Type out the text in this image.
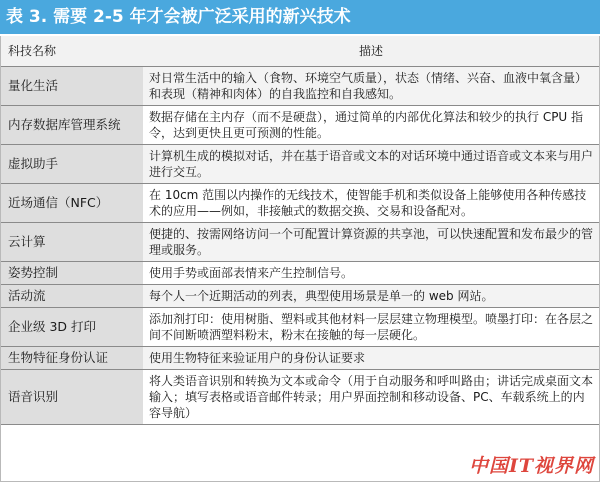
表 3. 需要 2-5 年才会被广泛采用的新兴技术
科技名称	描述
量化生活	对日常生活中的输入（食物、环境空气质量），状态（情绪、兴奋、血液中氧含量）和表现（精神和肉体）的自我监控和自我感知。
内存数据库管理系统	数据存储在主内存（而不是硬盘），通过简单的内部优化算法和较少的执行 CPU 指令，达到更快且更可预测的性能。
虚拟助手	计算机生成的模拟对话，并在基于语音或文本的对话环境中通过语音或文本来与用户进行交互。
近场通信（NFC）	在 10cm 范围以内操作的无线技术，使智能手机和类似设备上能够使用各种传感技术的应用——例如，非接触式的数据交换、交易和设备配对。
云计算	便捷的、按需网络访问一个可配置计算资源的共享池，可以快速配置和发布最少的管理或服务。
姿势控制	使用手势或面部表情来产生控制信号。
活动流	每个人一个近期活动的列表，典型使用场景是单一的 web 网站。
企业级 3D 打印	添加剂打印：使用树脂、塑料或其他材料一层层建立物理模型。喷墨打印：在各层之间不间断喷洒塑料粉末，粉末在接触的每一层硬化。
生物特征身份认证	使用生物特征来验证用户的身份认证要求
语音识别	将人类语音识别和转换为文本或命令（用于自动服务和呼叫路由；讲话完成桌面文本输入；填写表格或语音邮件转录；用户界面控制和移动设备、PC、车载系统上的内容导航）
中国IT视界网
